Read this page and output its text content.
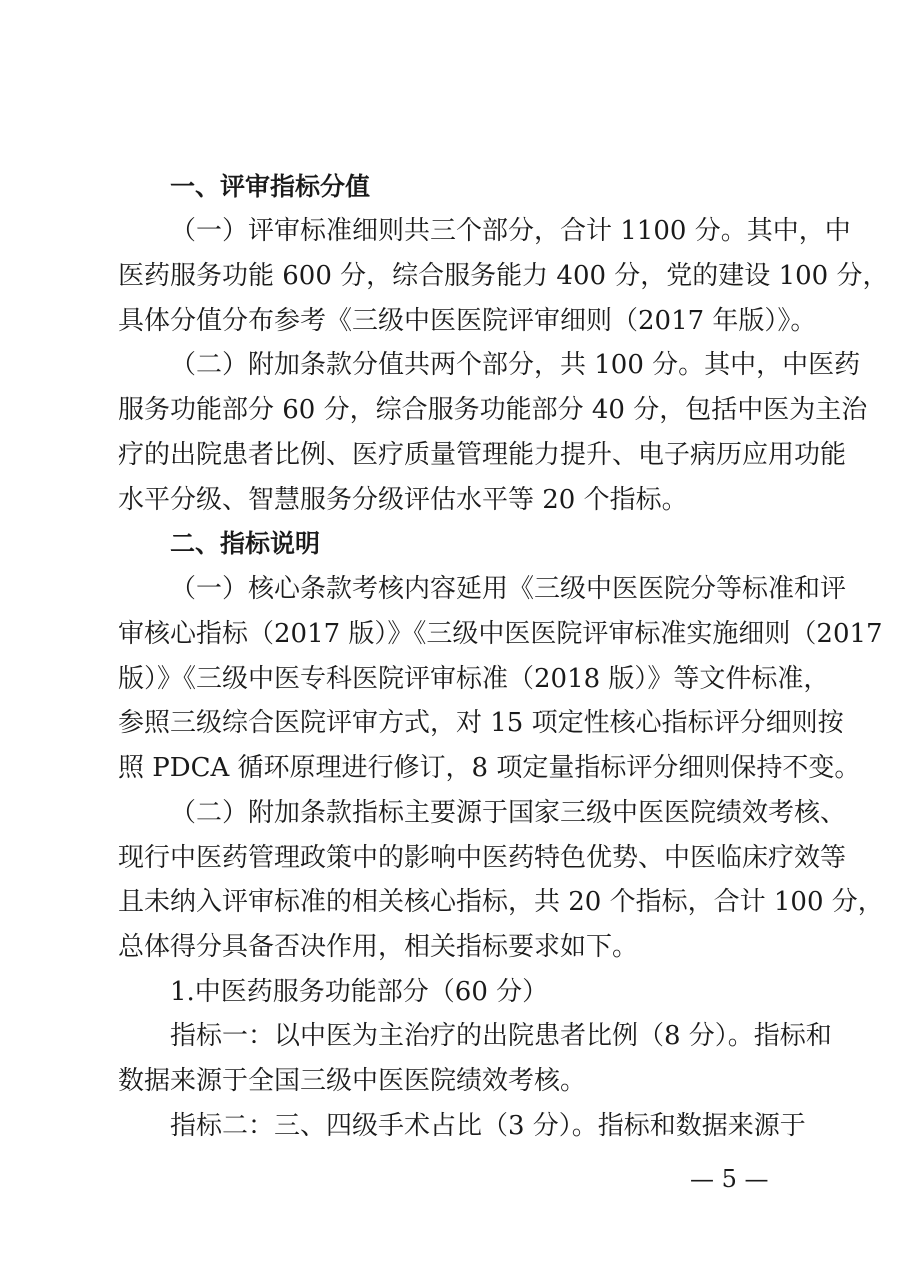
一、评审指标分值
（一）评审标准细则共三个部分，合计 1100 分。其中，中
医药服务功能 600 分，综合服务能力 400 分，党的建设 100 分，
具体分值分布参考《三级中医医院评审细则（2017 年版）》。
（二）附加条款分值共两个部分，共 100 分。其中，中医药
服务功能部分 60 分，综合服务功能部分 40 分，包括中医为主治
疗的出院患者比例、医疗质量管理能力提升、电子病历应用功能
水平分级、智慧服务分级评估水平等 20 个指标。
二、指标说明
（一）核心条款考核内容延用《三级中医医院分等标准和评
审核心指标（2017 版）》《三级中医医院评审标准实施细则（2017
版）》《三级中医专科医院评审标准（2018 版）》等文件标准，
参照三级综合医院评审方式，对 15 项定性核心指标评分细则按
照 PDCA 循环原理进行修订，8 项定量指标评分细则保持不变。
（二）附加条款指标主要源于国家三级中医医院绩效考核、
现行中医药管理政策中的影响中医药特色优势、中医临床疗效等
且未纳入评审标准的相关核心指标，共 20 个指标，合计 100 分，
总体得分具备否决作用，相关指标要求如下。
1.中医药服务功能部分（60 分）
指标一：以中医为主治疗的出院患者比例（8 分）。指标和
数据来源于全国三级中医医院绩效考核。
指标二：三、四级手术占比（3 分）。指标和数据来源于
— 5 —
